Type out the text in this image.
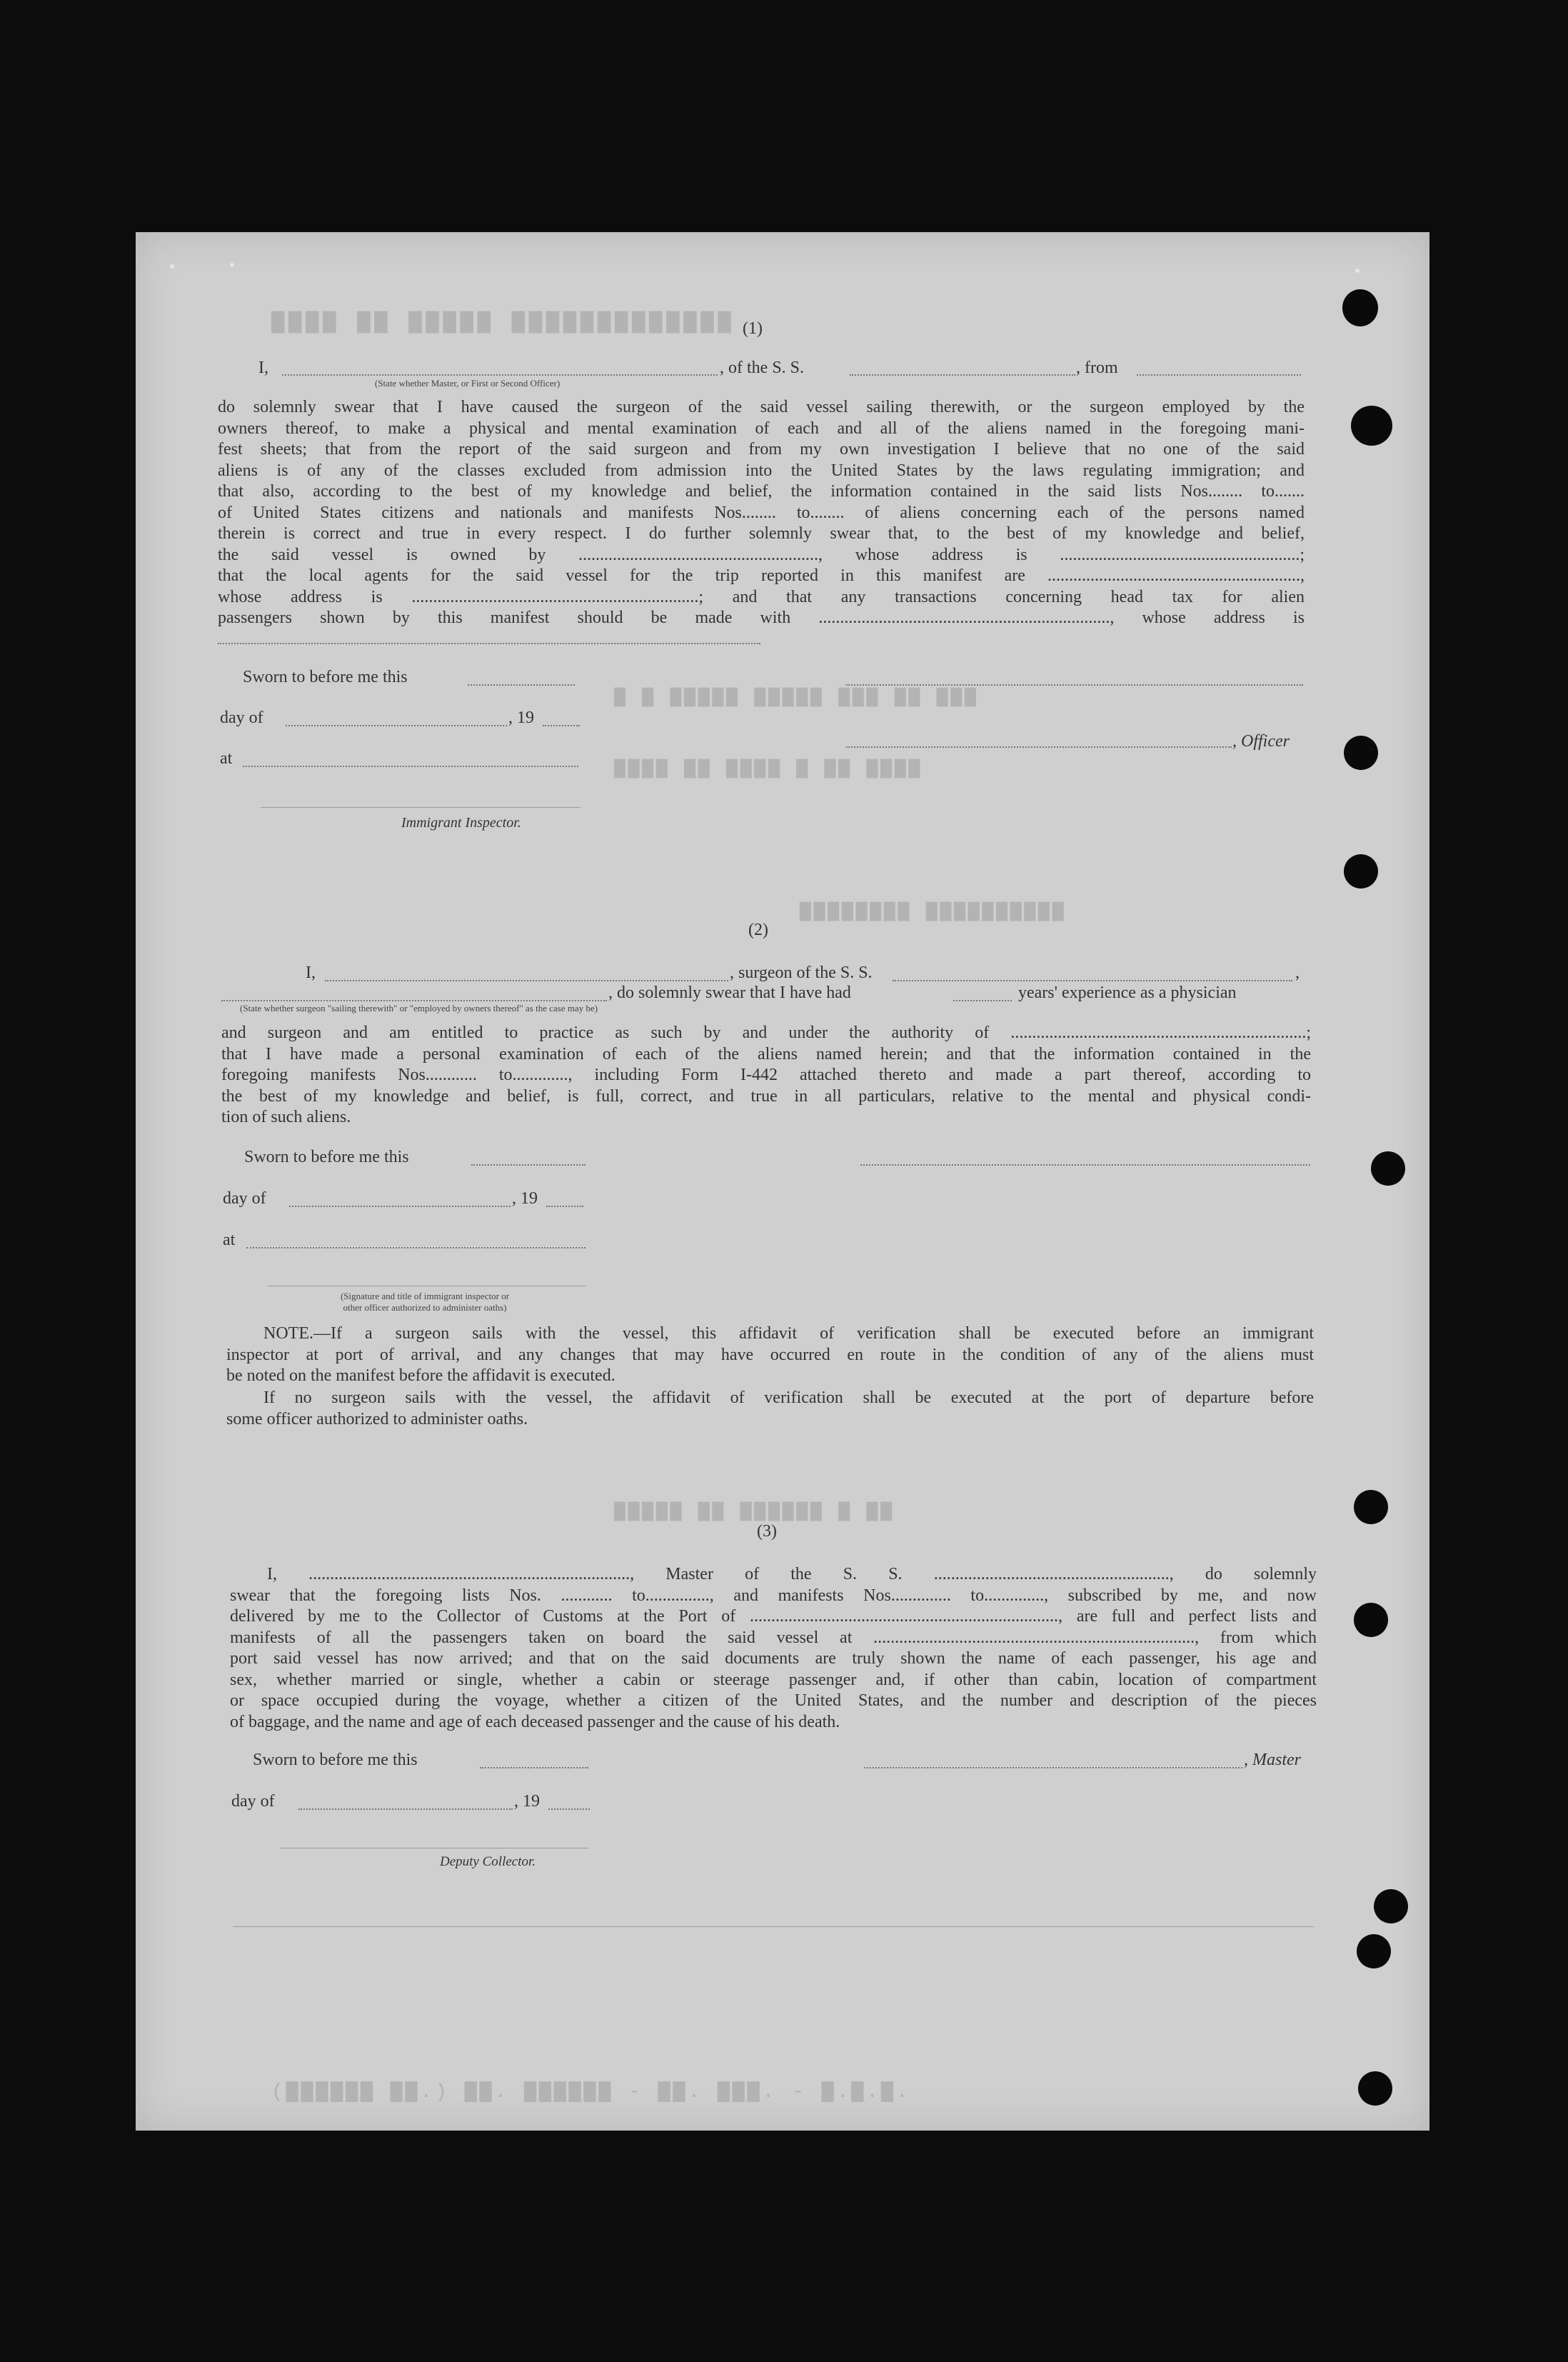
▇▇▇▇ ▇▇ ▇▇▇▇▇ ▇▇▇▇▇▇▇▇▇▇▇▇▇
▇ ▇ ▇▇▇▇▇ ▇▇▇▇▇ ▇▇▇ ▇▇ ▇▇▇
▇▇▇▇ ▇▇ ▇▇▇▇ ▇ ▇▇ ▇▇▇▇
▇▇▇▇▇▇▇▇ ▇▇▇▇▇▇▇▇▇▇
▇▇▇▇▇ ▇▇ ▇▇▇▇▇▇ ▇ ▇▇
(▇▇▇▇▇▇ ▇▇.) ▇▇. ▇▇▇▇▇▇ - ▇▇. ▇▇▇. - ▇.▇.▇.
(1)
I,	, of the S. S.	, from
(State whether Master, or First or Second Officer)
do solemnly swear that I have caused the surgeon of the said vessel sailing therewith, or the surgeon employed by the
owners thereof, to make a physical and mental examination of each and all of the aliens named in the foregoing mani-
fest sheets; that from the report of the said surgeon and from my own investigation I believe that no one of the said
aliens is of any of the classes excluded from admission into the United States by the laws regulating immigration; and
that also, according to the best of my knowledge and belief, the information contained in the said lists Nos........ to.......
of United States citizens and nationals and manifests Nos........ to........ of aliens concerning each of the persons named
therein is correct and true in every respect. I do further solemnly swear that, to the best of my knowledge and belief,
the said vessel is owned by ........................................................, whose address is ........................................................;
that the local agents for the said vessel for the trip reported in this manifest are ...........................................................,
whose address is ...................................................................; and that any transactions concerning head tax for alien
passengers shown by this manifest should be made with ...................................................................., whose address is
Sworn to before me this
day of	, 19
at
Immigrant Inspector.
, Officer
(2)
I,	, surgeon of the S. S.	,
, do solemnly swear that I have had	years' experience as a physician
(State whether surgeon "sailing therewith" or "employed by owners thereof" as the case may be)
and surgeon and am entitled to practice as such by and under the authority of .....................................................................;
that I have made a personal examination of each of the aliens named herein; and that the information contained in the
foregoing manifests Nos............ to............., including Form I-442 attached thereto and made a part thereof, according to
the best of my knowledge and belief, is full, correct, and true in all particulars, relative to the mental and physical condi-
tion of such aliens.
Sworn to before me this
day of	, 19
at
(Signature and title of immigrant inspector or
other officer authorized to administer oaths)
NOTE.—If a surgeon sails with the vessel, this affidavit of verification shall be executed before an immigrant
inspector at port of arrival, and any changes that may have occurred en route in the condition of any of the aliens must
be noted on the manifest before the affidavit is executed.
If no surgeon sails with the vessel, the affidavit of verification shall be executed at the port of departure before
some officer authorized to administer oaths.
(3)
I, ..........................................................................., Master of the S. S. ......................................................., do solemnly
swear that the foregoing lists Nos. ............ to..............., and manifests Nos.............. to.............., subscribed by me, and now
delivered by me to the Collector of Customs at the Port of ........................................................................, are full and perfect lists and
manifests of all the passengers taken on board the said vessel at ..........................................................................., from which
port said vessel has now arrived; and that on the said documents are truly shown the name of each passenger, his age and
sex, whether married or single, whether a cabin or steerage passenger and, if other than cabin, location of compartment
or space occupied during the voyage, whether a citizen of the United States, and the number and description of the pieces
of baggage, and the name and age of each deceased passenger and the cause of his death.
Sworn to before me this	, Master
day of	, 19
Deputy Collector.
